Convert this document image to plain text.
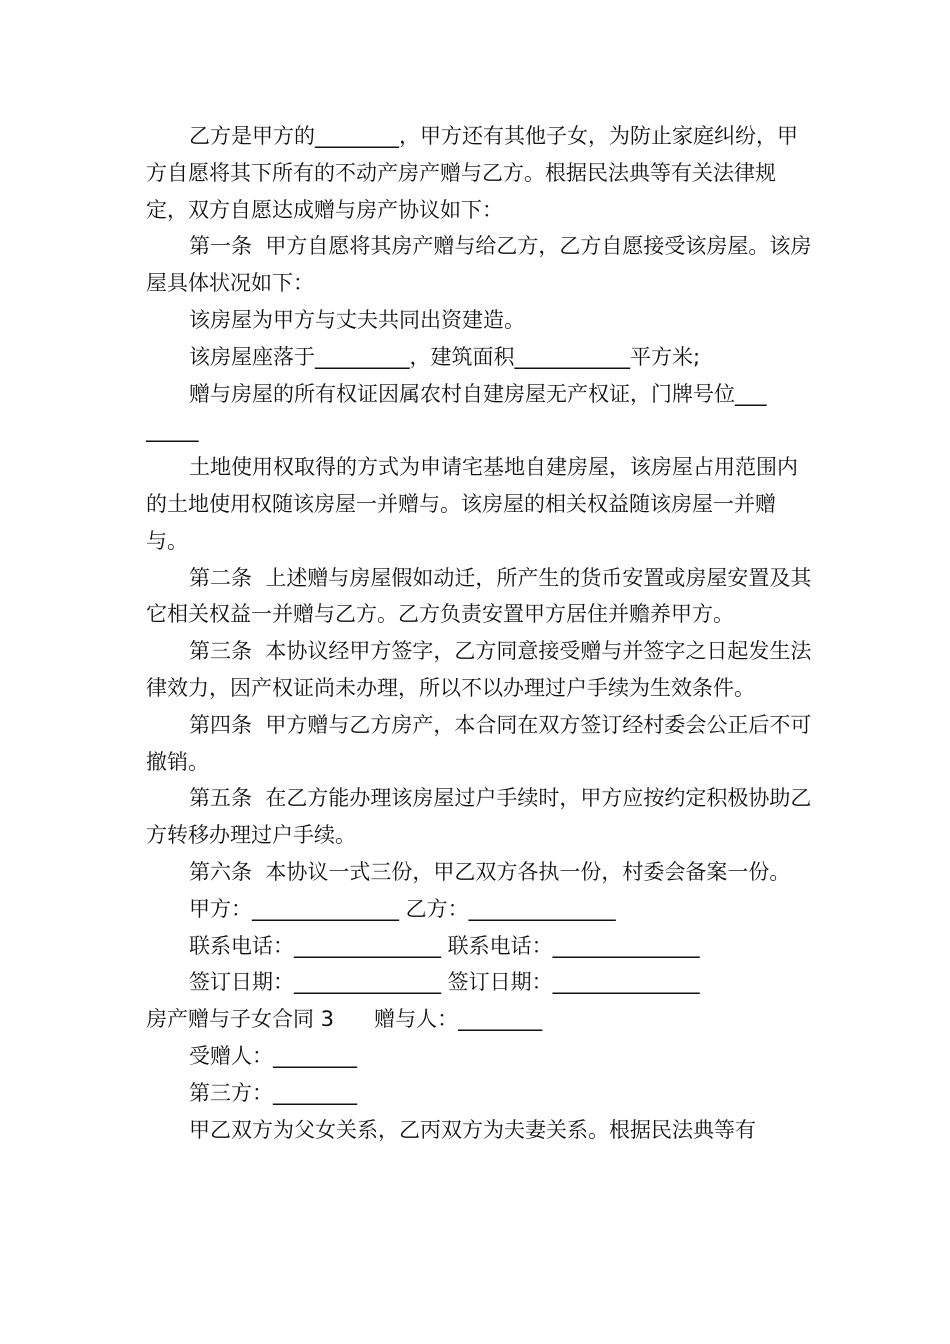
乙方是甲方的________，甲方还有其他子女，为防止家庭纠纷，甲方自愿将其下所有的不动产房产赠与乙方。根据民法典等有关法律规定，双方自愿达成赠与房产协议如下：

第一条  甲方自愿将其房产赠与给乙方，乙方自愿接受该房屋。该房屋具体状况如下：

该房屋为甲方与丈夫共同出资建造。

该房屋座落于_________，建筑面积___________平方米;

赠与房屋的所有权证因属农村自建房屋无产权证，门牌号位___
_____

土地使用权取得的方式为申请宅基地自建房屋，该房屋占用范围内的土地使用权随该房屋一并赠与。该房屋的相关权益随该房屋一并赠与。

第二条  上述赠与房屋假如动迁，所产生的货币安置或房屋安置及其它相关权益一并赠与乙方。乙方负责安置甲方居住并赡养甲方。

第三条  本协议经甲方签字，乙方同意接受赠与并签字之日起发生法律效力，因产权证尚未办理，所以不以办理过户手续为生效条件。

第四条  甲方赠与乙方房产，本合同在双方签订经村委会公正后不可撤销。

第五条  在乙方能办理该房屋过户手续时，甲方应按约定积极协助乙方转移办理过户手续。

第六条  本协议一式三份，甲乙双方各执一份，村委会备案一份。

甲方：______________ 乙方：______________

联系电话：______________ 联系电话：______________

签订日期：______________ 签订日期：______________

房产赠与子女合同 3      赠与人：________

受赠人：________

第三方：________

甲乙双方为父女关系，乙丙双方为夫妻关系。根据民法典等有
